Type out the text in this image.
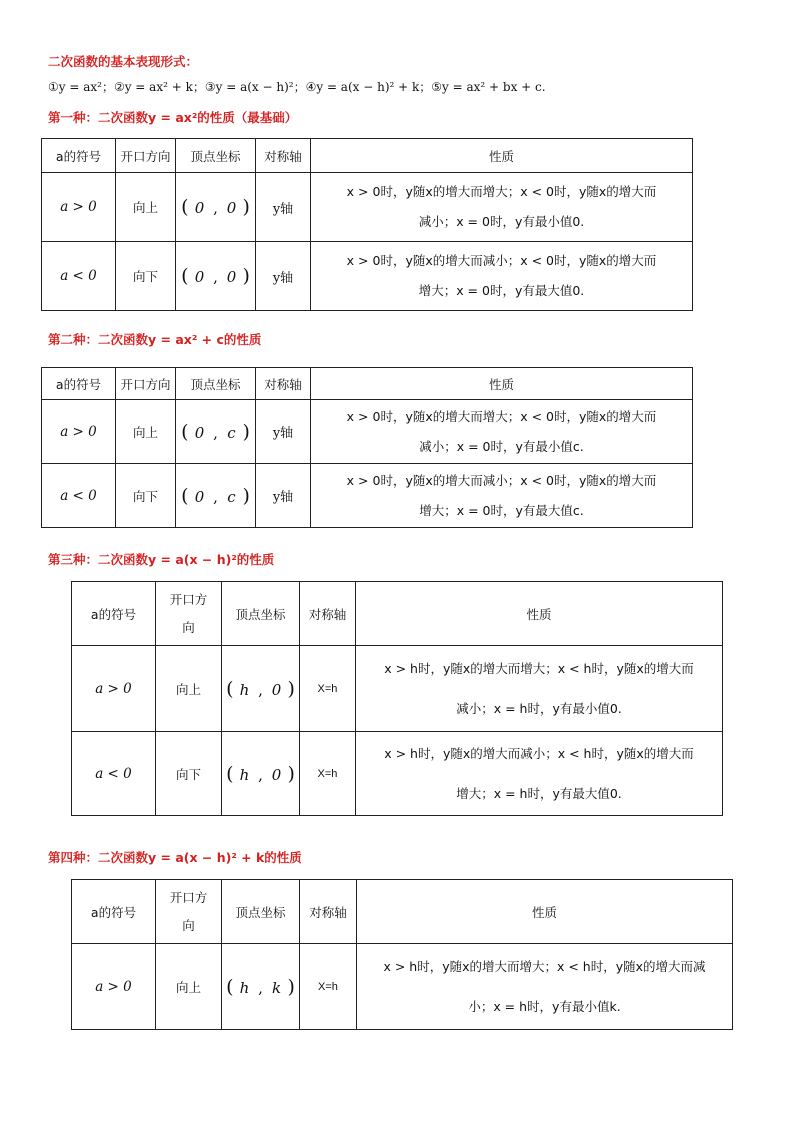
二次函数的基本表现形式：
①y = ax²；②y = ax² + k；③y = a(x − h)²；④y = a(x − h)² + k；⑤y = ax² + bx + c.
第一种：二次函数y = ax²的性质（最基础）
a的符号	开口方向	顶点坐标	对称轴	性质
a > 0	向上	( 0 , 0 )	y轴	x > 0时，y随x的增大而增大；x < 0时，y随x的增大而
减小；x = 0时，y有最小值0.

a < 0	向下	( 0 , 0 )	y轴	x > 0时，y随x的增大而减小；x < 0时，y随x的增大而
增大；x = 0时，y有最大值0.
第二种：二次函数y = ax² + c的性质
a的符号	开口方向	顶点坐标	对称轴	性质
a > 0	向上	( 0 , c )	y轴	x > 0时，y随x的增大而增大；x < 0时，y随x的增大而
减小；x = 0时，y有最小值c.

a < 0	向下	( 0 , c )	y轴	x > 0时，y随x的增大而减小；x < 0时，y随x的增大而
增大；x = 0时，y有最大值c.
第三种：二次函数y = a(x − h)²的性质
a的符号	开口方向	顶点坐标	对称轴	性质
a > 0	向上	( h , 0 )	X=h	x > h时，y随x的增大而增大；x < h时，y随x的增大而
减小；x = h时，y有最小值0.

a < 0	向下	( h , 0 )	X=h	x > h时，y随x的增大而减小；x < h时，y随x的增大而
增大；x = h时，y有最大值0.
第四种：二次函数y = a(x − h)² + k的性质
a的符号	开口方向	顶点坐标	对称轴	性质
a > 0	向上	( h , k )	X=h	x > h时，y随x的增大而增大；x < h时，y随x的增大而减
小；x = h时，y有最小值k.
